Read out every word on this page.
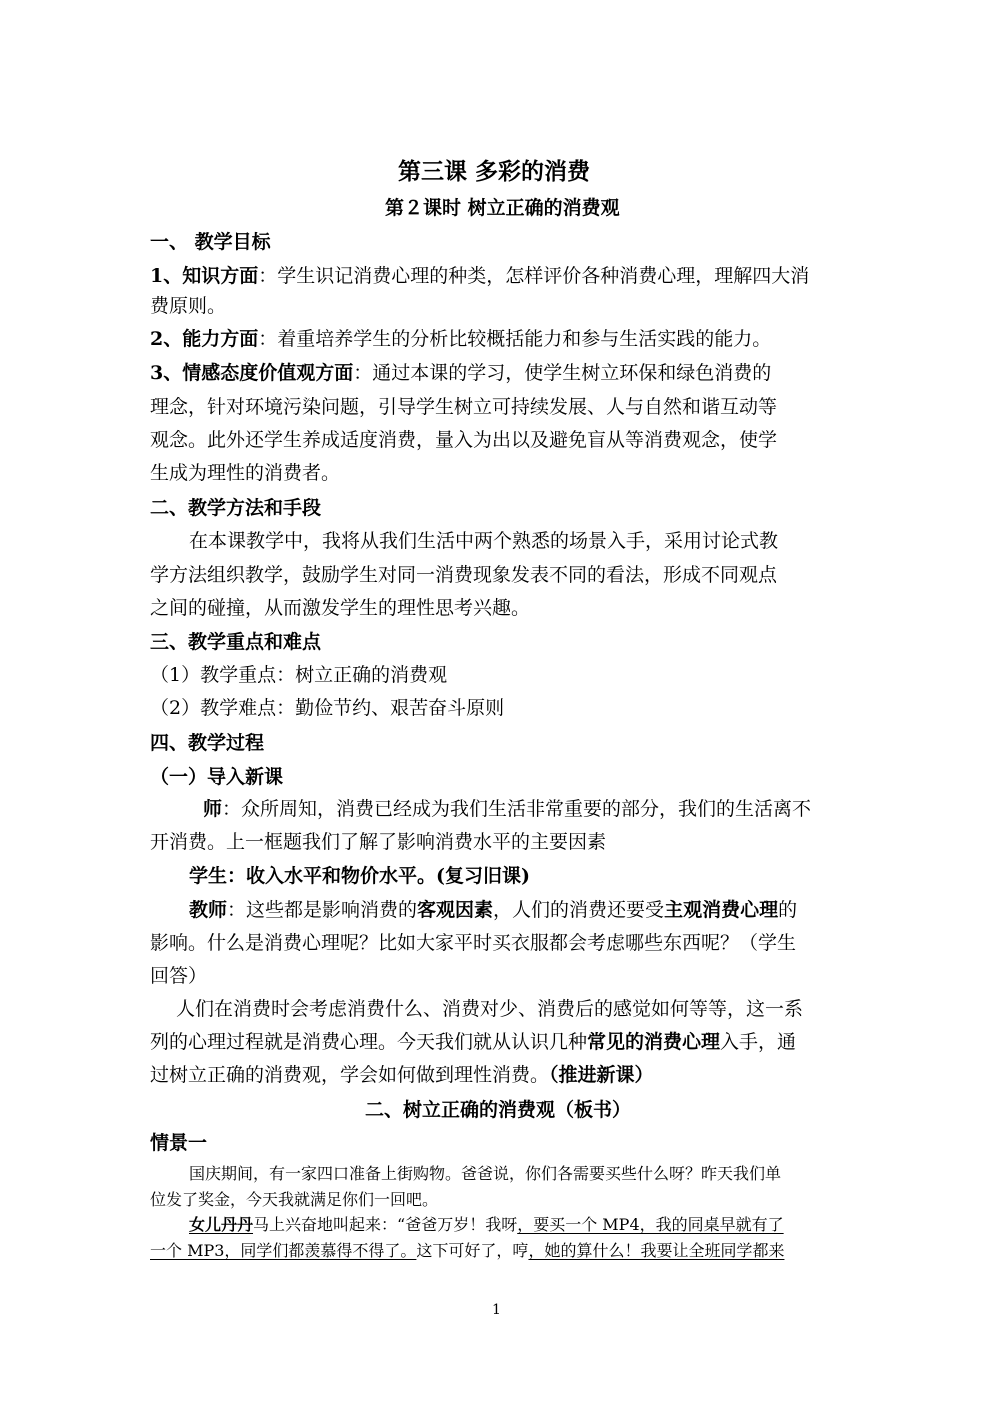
第三课 多彩的消费
第２课时 树立正确的消费观
一、 教学目标
1、知识方面：学生识记消费心理的种类，怎样评价各种消费心理，理解四大消
费原则。
2、能力方面：着重培养学生的分析比较概括能力和参与生活实践的能力。
3、情感态度价值观方面：通过本课的学习，使学生树立环保和绿色消费的
理念，针对环境污染问题，引导学生树立可持续发展、人与自然和谐互动等
观念。此外还学生养成适度消费，量入为出以及避免盲从等消费观念，使学
生成为理性的消费者。
二、教学方法和手段
在本课教学中，我将从我们生活中两个熟悉的场景入手，采用讨论式教
学方法组织教学，鼓励学生对同一消费现象发表不同的看法，形成不同观点
之间的碰撞，从而激发学生的理性思考兴趣。
三、教学重点和难点
（1）教学重点：树立正确的消费观
（2）教学难点：勤俭节约、艰苦奋斗原则
四、教学过程
（一）导入新课
师：众所周知，消费已经成为我们生活非常重要的部分，我们的生活离不
开消费。上一框题我们了解了影响消费水平的主要因素
学生：收入水平和物价水平。(复习旧课)
教师：这些都是影响消费的客观因素，人们的消费还要受主观消费心理的
影响。什么是消费心理呢？比如大家平时买衣服都会考虑哪些东西呢？（学生
回答）
人们在消费时会考虑消费什么、消费对少、消费后的感觉如何等等，这一系
列的心理过程就是消费心理。今天我们就从认识几种常见的消费心理入手，通
过树立正确的消费观，学会如何做到理性消费。（推进新课）
二、树立正确的消费观（板书）
情景一
国庆期间，有一家四口准备上街购物。爸爸说，你们各需要买些什么呀？昨天我们单
位发了奖金，今天我就满足你们一回吧。
女儿丹丹马上兴奋地叫起来：“爸爸万岁！我呀，要买一个 MP4，我的同桌早就有了
一个 MP3，同学们都羡慕得不得了。这下可好了，哼，她的算什么！我要让全班同学都来
1
